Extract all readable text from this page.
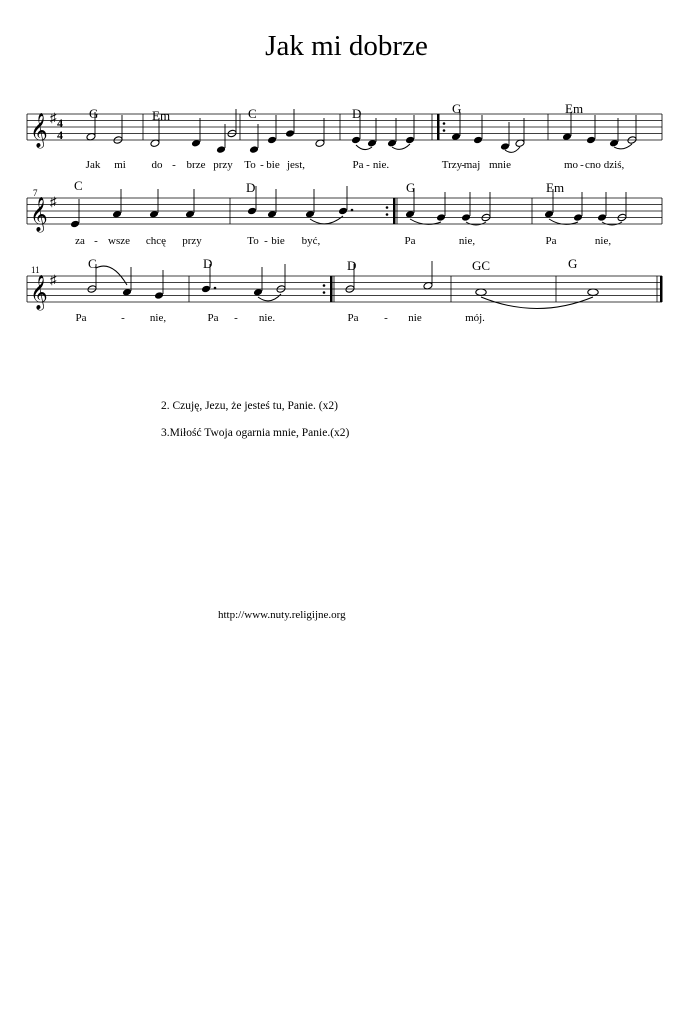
Jak mi dobrze
𝄞 ♯ 4
4
𝄞 ♯
𝄞 ♯
G	Em	C	D	G	Em
Jak mi do - brze przy To - bie jest,	Pa - nie.	Trzy
-
maj mnie	mo - cno dziś,
7	C	D	G	Em
za - wsze chcę przy	To - bie być,	Pa	nie,	Pa	nie,
11	C	D	D	GC	G
Pa	- nie,	Pa - nie.	Pa - nie	mój.
2. Czuję, Jezu, że jesteś tu, Panie. (x2)
3.Miłość Twoja ogarnia mnie, Panie.(x2)
http://www.nuty.religijne.org
